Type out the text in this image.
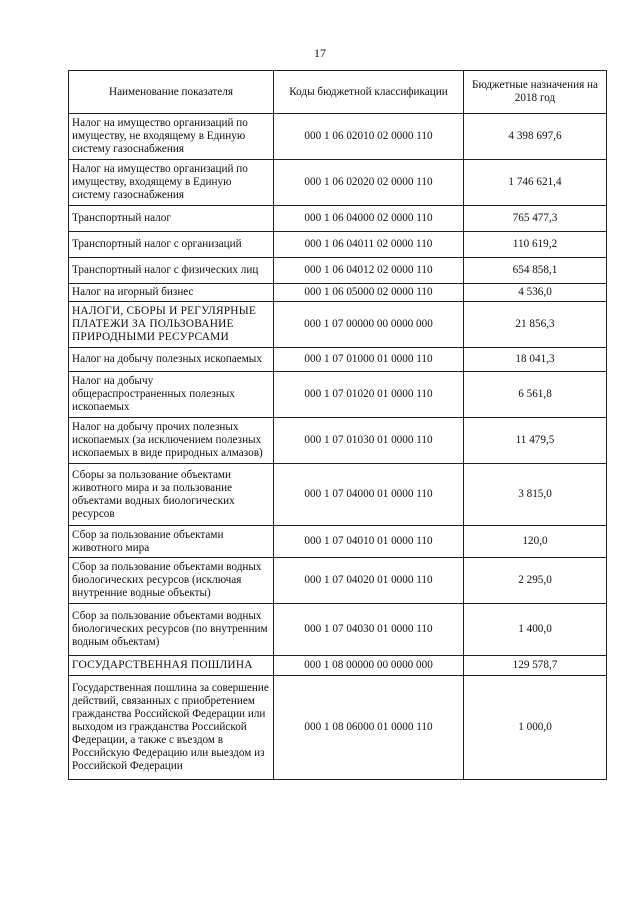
17
Наименование показателя	Коды бюджетной классификации	Бюджетные назначения на 2018 год
Налог на имущество организаций по имуществу, не входящему в Единую систему газоснабжения	000 1 06 02010 02 0000 110	4 398 697,6
Налог на имущество организаций по имуществу, входящему в Единую систему газоснабжения	000 1 06 02020 02 0000 110	1 746 621,4
Транспортный налог	000 1 06 04000 02 0000 110	765 477,3
Транспортный налог с организаций	000 1 06 04011 02 0000 110	110 619,2
Транспортный налог с физических лиц	000 1 06 04012 02 0000 110	654 858,1
Налог на игорный бизнес	000 1 06 05000 02 0000 110	4 536,0
НАЛОГИ, СБОРЫ И РЕГУЛЯРНЫЕ ПЛАТЕЖИ ЗА ПОЛЬЗОВАНИЕ ПРИРОДНЫМИ РЕСУРСАМИ	000 1 07 00000 00 0000 000	21 856,3
Налог на добычу полезных ископаемых	000 1 07 01000 01 0000 110	18 041,3
Налог на добычу общераспространенных полезных ископаемых	000 1 07 01020 01 0000 110	6 561,8
Налог на добычу прочих полезных ископаемых (за исключением полезных ископаемых в виде природных алмазов)	000 1 07 01030 01 0000 110	11 479,5
Сборы за пользование объектами животного мира и за пользование объектами водных биологических ресурсов	000 1 07 04000 01 0000 110	3 815,0
Сбор за пользование объектами животного мира	000 1 07 04010 01 0000 110	120,0
Сбор за пользование объектами водных биологических ресурсов (исключая внутренние водные объекты)	000 1 07 04020 01 0000 110	2 295,0
Сбор за пользование объектами водных биологических ресурсов (по внутренним водным объектам)	000 1 07 04030 01 0000 110	1 400,0
ГОСУДАРСТВЕННАЯ ПОШЛИНА	000 1 08 00000 00 0000 000	129 578,7
Государственная пошлина за совершение действий, связанных с приобретением гражданства Российской Федерации или выходом из гражданства Российской Федерации, а также с въездом в Российскую Федерацию или выездом из Российской Федерации	000 1 08 06000 01 0000 110	1 000,0
